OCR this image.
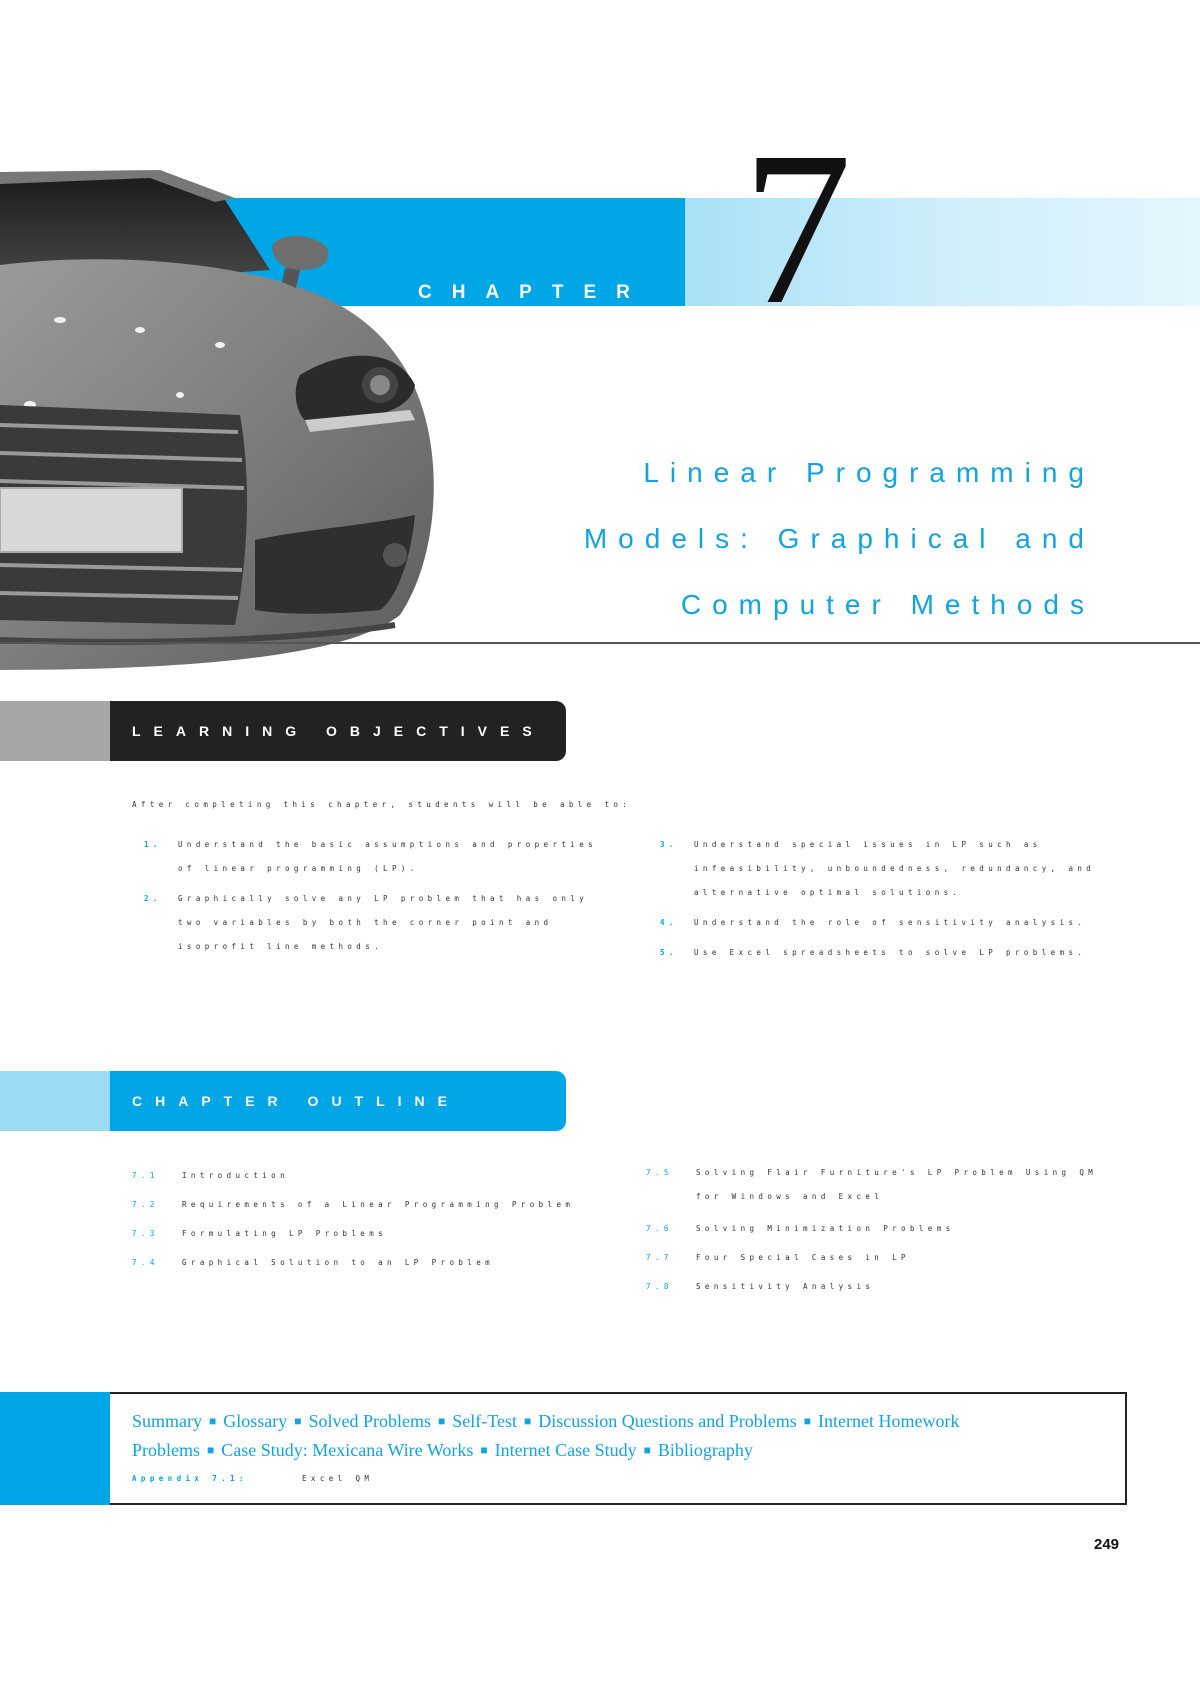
CHAPTER 7
Linear Programming
Models: Graphical and
Computer Methods
LEARNING OBJECTIVES
After completing this chapter, students will be able to:
1.	Understand the basic assumptions and properties of linear programming (LP).
2.	Graphically solve any LP problem that has only two variables by both the corner point and isoprofit line methods.
3.	Understand special issues in LP such as infeasibility, unboundedness, redundancy, and alternative optimal solutions.
4.	Understand the role of sensitivity analysis.
5.	Use Excel spreadsheets to solve LP problems.
CHAPTER OUTLINE
7.1	Introduction
7.2	Requirements of a Linear Programming Problem
7.3	Formulating LP Problems
7.4	Graphical Solution to an LP Problem
7.5	Solving Flair Furniture's LP Problem Using QM for Windows and Excel
7.6	Solving Minimization Problems
7.7	Four Special Cases in LP
7.8	Sensitivity Analysis
Summary ■ Glossary ■ Solved Problems ■ Self-Test ■ Discussion Questions and Problems ■ Internet Homework
Problems ■ Case Study: Mexicana Wire Works ■ Internet Case Study ■ Bibliography
Appendix 7.1:	Excel QM
249
